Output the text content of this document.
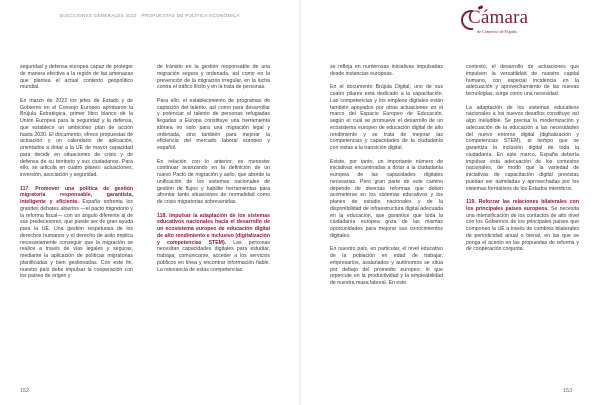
ELECCIONES GENERALES 2023 · PROPUESTAS DE POLÍTICA ECONÓMICA	Cámara
de Comercio de España

seguridad y defensa europea capaz de proteger de manera efectiva a la región de las amenazas que plantea el actual contexto geopolítico mundial.

En marzo de 2022 los jefes de Estado y de Gobierno en el Consejo Europeo aprobaron la Brújula Estratégica, primer libro blanco de la Unión Europea para la seguridad y la defensa, que establece un ambicioso plan de acción hasta 2030. El documento, ofrece propuestas de actuación y un calendario de aplicación, orientados a dotar a la UE de mayor capacidad para decidir en situaciones de crisis y de defensa de su territorio y sus ciudadanos. Para ello, se articula en cuatro pilares: actuaciones, inversión, asociación y seguridad.

117. Promover una política de gestión migratoria responsable, garantista, inteligente y eficiente. España enfrenta los grandes debates abiertos —el pacto migratorio y la reforma fiscal— con un ángulo diferente al de sus predecesores, que puede ser de gran ayuda para la UE. Una gestión respetuosa de los derechos humanos y el derecho de asilo implica necesariamente conseguir que la migración se realice a través de vías legales y seguras, mediante la aplicación de políticas migratorias planificadas y bien gestionadas. Con este fin, nuestro país debe impulsar la cooperación con los países de origen y

de tránsito en la gestión responsable de una migración segura y ordenada, así como en la prevención de la migración irregular, en la lucha contra el tráfico ilícito y en la trata de personas.

Para ello, el establecimiento de programas de captación del talento, así como para desarrollar y potenciar el talento de personas refugiadas llegadas a Europa constituye una herramienta idónea no solo para una migración legal y ordenada, sino también para mejorar la eficiencia del mercado laboral europeo y español.

En relación con lo anterior, es menester continuar avanzando en la definición de un nuevo Pacto de migración y asilo, que aborde la unificación de los sistemas nacionales de gestión de flujos y habilite herramientas para afrontar tanto situaciones de normalidad como de crisis migratorias sobrevenidas.

118. Impulsar la adaptación de los sistemas educativos nacionales hacia el desarrollo de un ecosistema europeo de educación digital de alto rendimiento e inclusivo (digitalización y competencias STEM). Las personas necesitan capacidades digitales para estudiar, trabajar, comunicarse, acceder a los servicios públicos en línea y encontrar información fiable. La relevancia de estas competencias

se refleja en numerosas iniciativas impulsadas desde instancias europeas.

En el documento Brújula Digital, uno de sus cuatro pilares está dedicado a la capacitación. Las competencias y los empleos digitales están también apoyados por otras actuaciones en el marco del Espacio Europeo de Educación, según el cual se promueve el desarrollo de un ecosistema europeo de educación digital de alto rendimiento y se trata de mejorar las competencias y capacidades de la ciudadanía con vistas a la transición digital.

Existe, por tanto, un importante número de iniciativas encaminadas a dotar a la ciudadanía europea de las capacidades digitales necesarias. Pero gran parte de este camino depende de diversas reformas que deben acometerse en los sistemas educativos y los planes de estudio nacionales y de la disponibilidad de infraestructura digital adecuada en la educación, que garantice que toda la ciudadanía europea goza de las mismas oportunidades para mejorar sus conocimientos digitales.

En nuestro país, en particular, el nivel educativo de la población en edad de trabajar, empresarios, asalariados y autónomos se sitúa por debajo del promedio europeo; lo que repercute en la productividad y la empleabilidad de nuestra masa laboral. En este

contexto, el desarrollo de actuaciones que impulsen la versatilidad de nuestro capital humano, con especial incidencia en la adecuación y aprovechamiento de las nuevas tecnologías, surge como una necesidad.

La adaptación de los sistemas educativos nacionales a los nuevos desafíos constituye así algo ineludible. Se precisa la modernización y adecuación de la educación a las necesidades del nuevo entorno digital (digitalización y competencias STEM), al tiempo que se garantiza la inclusión digital de toda la ciudadanía. En este marco, España debería impulsar esta adecuación de los contextos nacionales, de modo que la variedad de iniciativas de capacitación digital previstas puedan ser asimiladas y aprovechadas por los sistemas formativos de los Estados miembros.

119. Reforzar las relaciones bilaterales con los principales países europeos. Se necesita una intensificación de los contactos de alto nivel con los Gobiernos de los principales países que componen la UE a través de cumbres bilaterales de periodicidad anual o bienal, en las que se ponga el acento en las propuestas de reforma y de cooperación conjunta.

152	153
